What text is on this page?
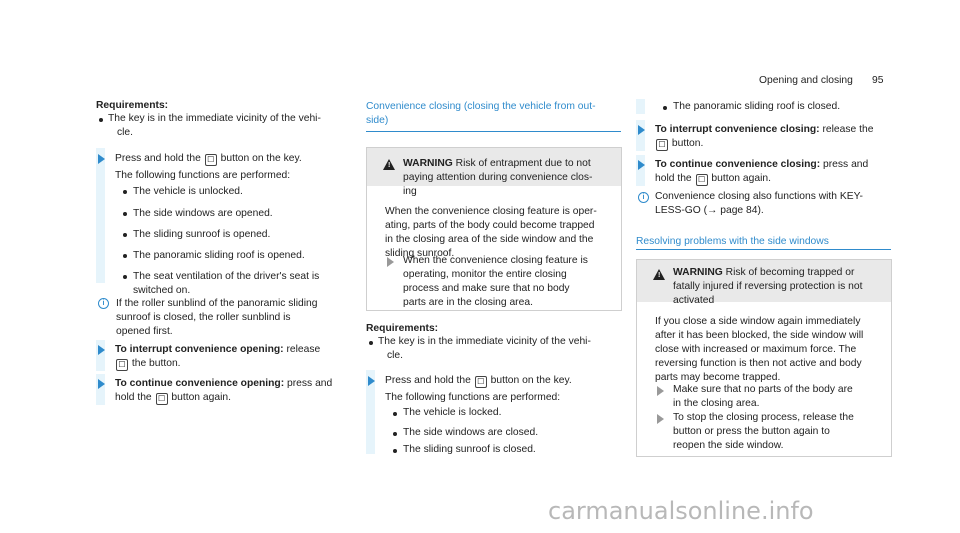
Opening and closing 95
Requirements:
The key is in the immediate vicinity of the vehi-
cle.
Press and hold the ☐ button on the key.
The following functions are performed:
The vehicle is unlocked.
The side windows are opened.
The sliding sunroof is opened.
The panoramic sliding roof is opened.
The seat ventilation of the driver's seat is
switched on.
i	If the roller sunblind of the panoramic sliding
sunroof is closed, the roller sunblind is
opened first.
To interrupt convenience opening: release
☐ the button.
To continue convenience opening: press and
hold the ☐ button again.
Convenience closing (closing the vehicle from out-
side)
! WARNING Risk of entrapment due to not
paying attention during convenience clos-
ing
When the convenience closing feature is oper-
ating, parts of the body could become trapped
in the closing area of the side window and the
sliding sunroof.
When the convenience closing feature is
operating, monitor the entire closing
process and make sure that no body
parts are in the closing area.
Requirements:
The key is in the immediate vicinity of the vehi-
cle.
Press and hold the ☐ button on the key.
The following functions are performed:
The vehicle is locked.
The side windows are closed.
The sliding sunroof is closed.
The panoramic sliding roof is closed.
To interrupt convenience closing: release the
☐ button.
To continue convenience closing: press and
hold the ☐ button again.
i	Convenience closing also functions with KEY-
LESS-GO (→ page 84).
Resolving problems with the side windows
! WARNING Risk of becoming trapped or
fatally injured if reversing protection is not
activated
If you close a side window again immediately
after it has been blocked, the side window will
close with increased or maximum force. The
reversing function is then not active and body
parts may become trapped.
Make sure that no parts of the body are
in the closing area.
To stop the closing process, release the
button or press the button again to
reopen the side window.
carmanualsonline.info
